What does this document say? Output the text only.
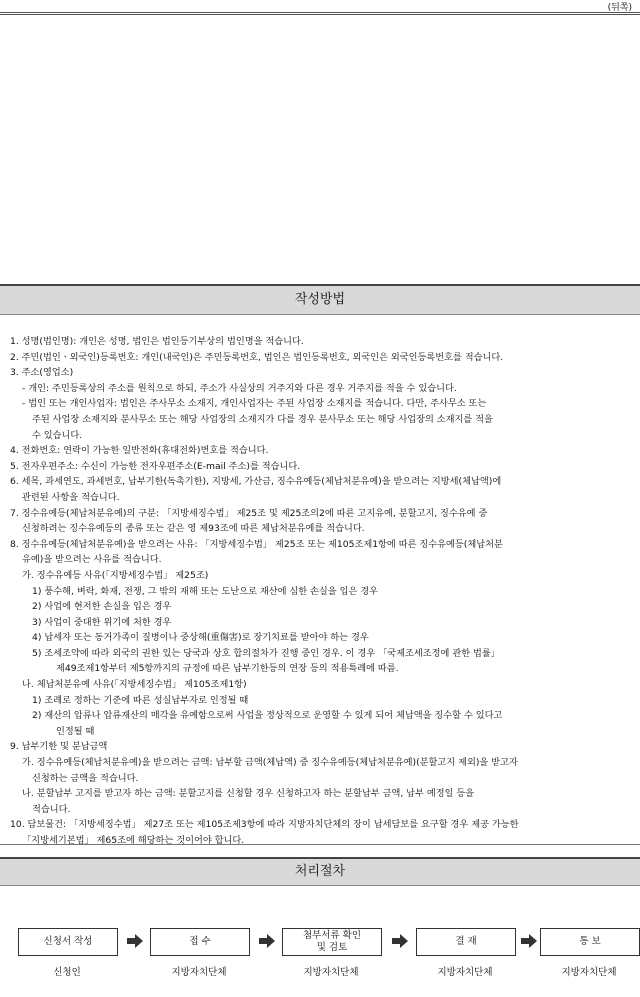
(뒤쪽)
작성방법
1. 성명(법인명): 개인은 성명, 법인은 법인등기부상의 법인명을 적습니다.
2. 주민(법인ㆍ외국인)등록번호: 개인(내국인)은 주민등록번호, 법인은 법인등록번호, 외국인은 외국인등록번호를 적습니다.
3. 주소(영업소)
- 개인: 주민등록상의 주소를 원칙으로 하되, 주소가 사실상의 거주지와 다른 경우 거주지를 적을 수 있습니다.
- 법인 또는 개인사업자: 법인은 주사무소 소재지, 개인사업자는 주된 사업장 소재지를 적습니다. 다만, 주사무소 또는
주된 사업장 소재지와 분사무소 또는 해당 사업장의 소재지가 다를 경우 분사무소 또는 해당 사업장의 소재지를 적을
수 있습니다.
4. 전화번호: 연락이 가능한 일반전화(휴대전화)번호를 적습니다.
5. 전자우편주소: 수신이 가능한 전자우편주소(E-mail 주소)를 적습니다.
6. 세목, 과세연도, 과세번호, 납부기한(독촉기한), 지방세, 가산금, 징수유예등(체납처분유예)을 받으려는 지방세(체납액)에
관련된 사항을 적습니다.
7. 징수유예등(체납처분유예)의 구분: 「지방세징수법」 제25조 및 제25조의2에 따른 고지유예, 분할고지, 징수유예 중
신청하려는 징수유예등의 종류 또는 같은 영 제93조에 따른 체납처분유예를 적습니다.
8. 징수유예등(체납처분유예)을 받으려는 사유: 「지방세징수법」 제25조 또는 제105조제1항에 따른 징수유예등(체납처분
유예)을 받으려는 사유를 적습니다.
가. 징수유예등 사유(「지방세징수법」 제25조)
1) 풍수해, 벼락, 화재, 전쟁, 그 밖의 재해 또는 도난으로 재산에 심한 손실을 입은 경우
2) 사업에 현저한 손실을 입은 경우
3) 사업이 중대한 위기에 처한 경우
4) 납세자 또는 동거가족이 질병이나 중상해(重傷害)로 장기치료를 받아야 하는 경우
5) 조세조약에 따라 외국의 권한 있는 당국과 상호 합의절차가 진행 중인 경우. 이 경우 「국제조세조정에 관한 법률」
제49조제1항부터 제5항까지의 규정에 따른 납부기한등의 연장 등의 적용특례에 따름.
나. 체납처분유예 사유(「지방세징수법」 제105조제1항)
1) 조례로 정하는 기준에 따른 성실납부자로 인정될 때
2) 재산의 압류나 압류재산의 매각을 유예함으로써 사업을 정상적으로 운영할 수 있게 되어 체납액을 징수할 수 있다고
인정될 때
9. 납부기한 및 분납금액
가. 징수유예등(체납처분유예)을 받으려는 금액: 납부할 금액(체납액) 중 징수유예등(체납처분유예)(분할고지 제외)을 받고자
신청하는 금액을 적습니다.
나. 분할납부 고지를 받고자 하는 금액: 분할고지를 신청할 경우 신청하고자 하는 분할납부 금액, 납부 예정일 등을
적습니다.
10. 담보물건: 「지방세징수법」 제27조 또는 제105조제3항에 따라 지방자치단체의 장이 납세담보를 요구할 경우 제공 가능한
「지방세기본법」 제65조에 해당하는 것이어야 합니다.
처리절차
신청서 작성
신청인
접 수
지방자치단체
첨부서류 확인
및 검토
지방자치단체
결 재
지방자치단체
통 보
지방자치단체
